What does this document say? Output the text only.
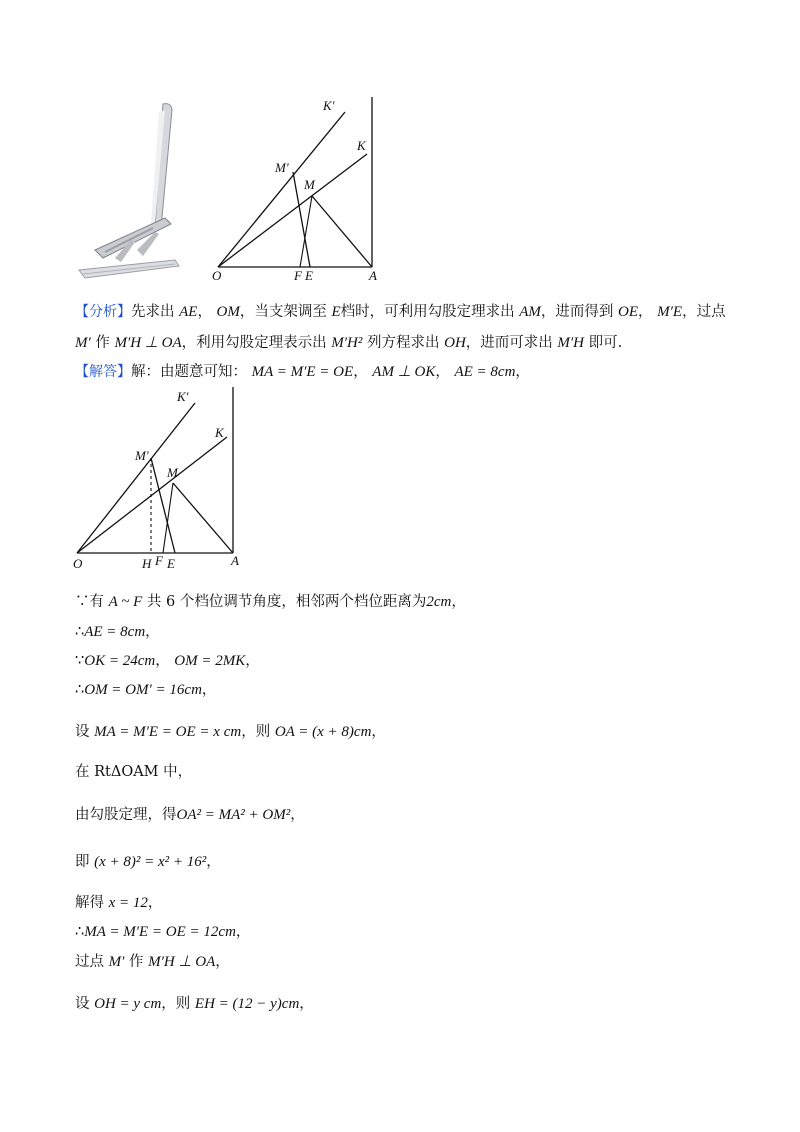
K′
K
M′
M
O	F E	A
【分析】先求出 AE， OM，当支架调至 E档时，可利用勾股定理求出 AM，进而得到 OE， M′E，过点
M′ 作 M′H ⊥ OA，利用勾股定理表示出 M′H² 列方程求出 OH，进而可求出 M′H 即可.
【解答】解：由题意可知： MA = M′E = OE， AM ⊥ OK， AE = 8cm，
K′
K
M′
M
O	H F E	A
∵有 A ~ F 共 6 个档位调节角度，相邻两个档位距离为2cm，
∴AE = 8cm，
∵OK = 24cm， OM = 2MK，
∴OM = OM′ = 16cm，
设 MA = M′E = OE = x cm，则 OA = (x + 8)cm，
在 RtΔOAM 中，
由勾股定理，得OA² = MA² + OM²，
即 (x + 8)² = x² + 16²，
解得 x = 12，
∴MA = M′E = OE = 12cm，
过点 M′ 作 M′H ⊥ OA，
设 OH = y cm，则 EH = (12 − y)cm，
